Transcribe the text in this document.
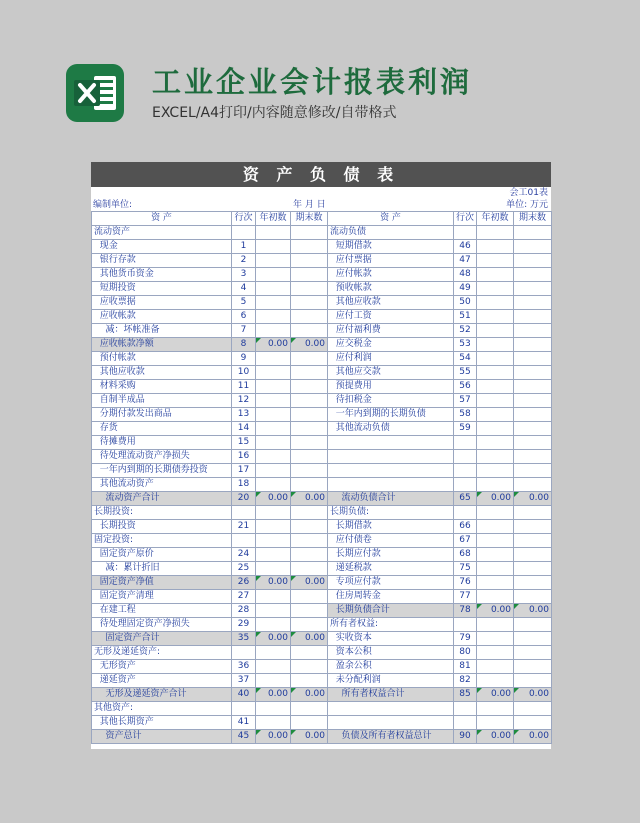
工业企业会计报表利润
EXCEL/A4打印/内容随意修改/自带格式
资 产 负 债 表
会工01表
编制单位:	年 月 日	单位: 万元
资 产	行次	年初数	期末数	资 产	行次	年初数	期末数
流动资产				流动负债			
现金	1			短期借款	46		
银行存款	2			应付票据	47		
其他货币资金	3			应付帐款	48		
短期投资	4			预收帐款	49		
应收票据	5			其他应收款	50		
应收帐款	6			应付工资	51		
减：坏帐准备	7			应付福利费	52		
应收帐款净额	8	0.00	0.00	应交税金	53		
预付帐款	9			应付利润	54		
其他应收款	10			其他应交款	55		
材料采购	11			预提费用	56		
自制半成品	12			待扣税金	57		
分期付款发出商品	13			一年内到期的长期负债	58		
存货	14			其他流动负债	59		
待摊费用	15						
待处理流动资产净损失	16						
一年内到期的长期债券投资	17						
其他流动资产	18						
流动资产合计	20	0.00	0.00	流动负债合计	65	0.00	0.00
长期投资:				长期负债:			
长期投资	21			长期借款	66		
固定投资:				应付债卷	67		
固定资产原价	24			长期应付款	68		
减：累计折旧	25			递延税款	75		
固定资产净值	26	0.00	0.00	专项应付款	76		
固定资产清理	27			住房周转金	77		
在建工程	28			长期负债合计	78	0.00	0.00
待处理固定资产净损失	29			所有者权益:			
固定资产合计	35	0.00	0.00	实收资本	79		
无形及递延资产:				资本公积	80		
无形资产	36			盈余公积	81		
递延资产	37			未分配利润	82		
无形及递延资产合计	40	0.00	0.00	所有者权益合计	85	0.00	0.00
其他资产:							
其他长期资产	41						
资产总计	45	0.00	0.00	负债及所有者权益总计	90	0.00	0.00
